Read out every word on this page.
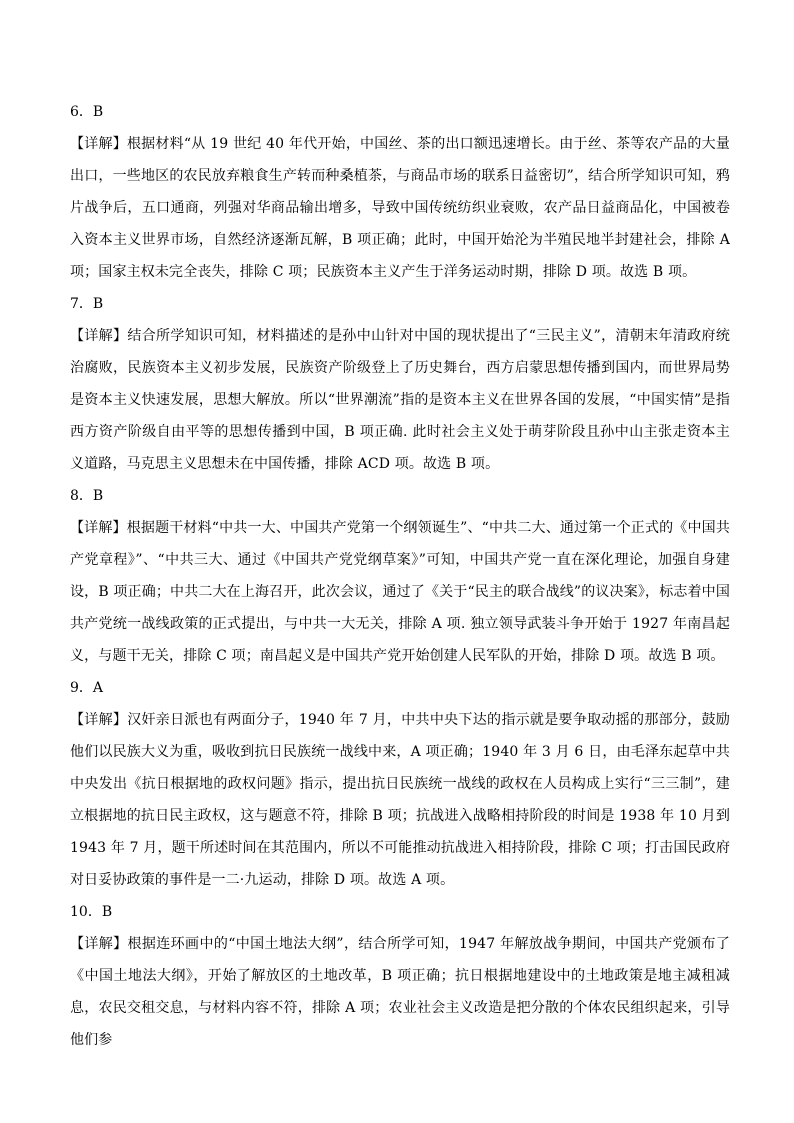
6．B

【详解】根据材料“从 19 世纪 40 年代开始，中国丝、茶的出口额迅速增长。由于丝、茶等农产品的大量出口，一些地区的农民放弃粮食生产转而种桑植茶，与商品市场的联系日益密切”，结合所学知识可知，鸦片战争后，五口通商，列强对华商品输出增多，导致中国传统纺织业衰败，农产品日益商品化，中国被卷入资本主义世界市场，自然经济逐渐瓦解，B 项正确；此时，中国开始沦为半殖民地半封建社会，排除 A 项；国家主权未完全丧失，排除 C 项；民族资本主义产生于洋务运动时期，排除 D 项。故选 B 项。

7．B

【详解】结合所学知识可知，材料描述的是孙中山针对中国的现状提出了“三民主义”，清朝末年清政府统治腐败，民族资本主义初步发展，民族资产阶级登上了历史舞台，西方启蒙思想传播到国内，而世界局势是资本主义快速发展，思想大解放。所以“世界潮流”指的是资本主义在世界各国的发展，“中国实情”是指西方资产阶级自由平等的思想传播到中国，B 项正确. 此时社会主义处于萌芽阶段且孙中山主张走资本主义道路，马克思主义思想未在中国传播，排除 ACD 项。故选 B 项。

8．B

【详解】根据题干材料“中共一大、中国共产党第一个纲领诞生”、“中共二大、通过第一个正式的《中国共产党章程》”、“中共三大、通过《中国共产党党纲草案》”可知，中国共产党一直在深化理论，加强自身建设，B 项正确；中共二大在上海召开，此次会议，通过了《关于“民主的联合战线”的议决案》，标志着中国共产党统一战线政策的正式提出，与中共一大无关，排除 A 项. 独立领导武装斗争开始于 1927 年南昌起义，与题干无关，排除 C 项；南昌起义是中国共产党开始创建人民军队的开始，排除 D 项。故选 B 项。

9．A

【详解】汉奸亲日派也有两面分子，1940 年 7 月，中共中央下达的指示就是要争取动摇的那部分，鼓励他们以民族大义为重，吸收到抗日民族统一战线中来，A 项正确；1940 年 3 月 6 日，由毛泽东起草中共中央发出《抗日根据地的政权问题》指示，提出抗日民族统一战线的政权在人员构成上实行“三三制”，建立根据地的抗日民主政权，这与题意不符，排除 B 项；抗战进入战略相持阶段的时间是 1938 年 10 月到 1943 年 7 月，题干所述时间在其范围内，所以不可能推动抗战进入相持阶段，排除 C 项；打击国民政府对日妥协政策的事件是一二·九运动，排除 D 项。故选 A 项。

10．B

【详解】根据连环画中的“中国土地法大纲”，结合所学可知，1947 年解放战争期间，中国共产党颁布了《中国土地法大纲》，开始了解放区的土地改革，B 项正确；抗日根据地建设中的土地政策是地主减租减息，农民交租交息，与材料内容不符，排除 A 项；农业社会主义改造是把分散的个体农民组织起来，引导他们参
